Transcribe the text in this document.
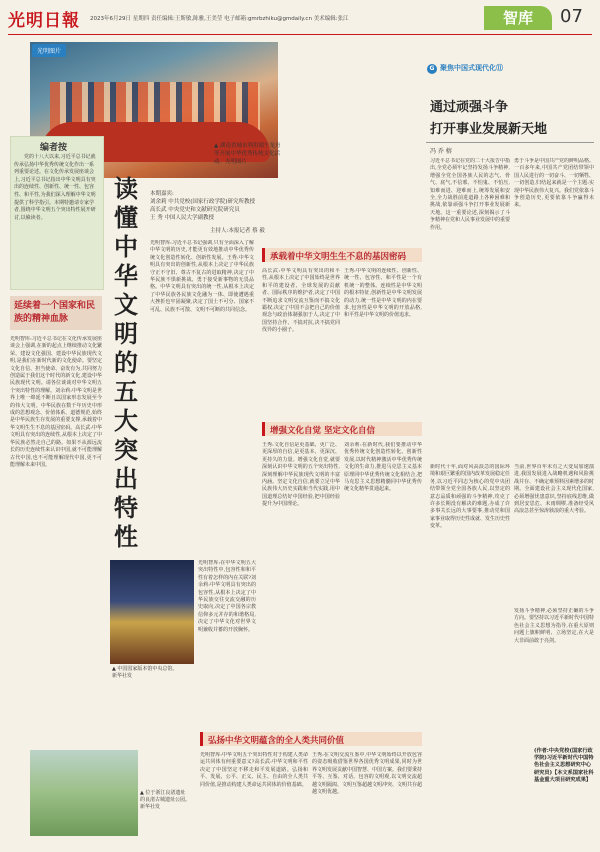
光明日報 2023年6月29日 星期四 责任编辑:王斯敏,陈雅,王美莹 电子邮箱:gmrbzhiku@gmdaily.cn 美术编辑:张江	智库	07
光明图片
▲ 湖南省城市利用端午龙舟等开展中华优秀传统文化活动。光明图片
编者按
党的十八大以来,习近平总书记就传承弘扬中华优秀传统文化作出一系列重要论述。在文化传承发展座谈会上,习近平总书记指出中华文明具有突出的连续性、创新性、统一性、包容性、和平性,为我们深入理解中华文明提供了科学指引。本期特邀请专家学者,围绕中华文明五个突出特性展开研讨,以飨读者。
延续着一个国家和民族的精神血脉
读懂中华文明的五大突出特性
本期嘉宾:
刘余莉 中共党校(国家行政学院)研究所教授
高长武 中央党史和文献研究院研究员
王 秀 中国人民大学副教授
主持人:本报记者 蔡 毅
光明智库:习近平总书记在文化传承发展座谈会上强调,在新的起点上继续推动文化繁荣、建设文化强国、建设中华民族现代文明,是我们在新时代新的文化使命。要坚定文化自信、担当使命、奋发有为,共同努力创造属于我们这个时代的新文化,建设中华民族现代文明。请各位谈谈对中华文明五个突出特性的理解。刘余莉:中华文明是世界上唯一绵延不断且以国家形态发展至今的伟大文明。中华民族在数千年历史中形成的思想观念、价值体系、道德规范,始终是中华民族生存发展的重要支撑,承载着中华文明生生不息的基因密码。高长武:中华文明具有突出的连续性,从根本上决定了中华民族必然走自己的路。如果不从源远流长的历史连续性来认识中国,就不可能理解古代中国,也不可能理解现代中国,更不可能理解未来中国。
光明智库:习近平总书记强调,只有全面深入了解中华文明的历史,才能更有效地推动中华优秀传统文化创造性转化、创新性发展。王秀:中华文明具有突出的创新性,从根本上决定了中华民族守正不守旧、尊古不复古的进取精神,决定了中华民族不惧新挑战、勇于接受新事物的无畏品格。中华文明具有突出的统一性,从根本上决定了中华民族各民族文化融为一体、即使遭遇重大挫折也牢固凝聚,决定了国土不可分、国家不可乱、民族不可散、文明不可断的共同信念。
光明智库:在中华文明五大突出特性中,包容性和和平性有着怎样的内在关联?刘余莉:中华文明具有突出的包容性,从根本上决定了中华民族交往交流交融的历史取向,决定了中国各宗教信仰多元并存的和谐格局,决定了中华文化对世界文明兼收并蓄的开放胸怀。
承载着中华文明生生不息的基因密码
高长武:中华文明具有突出的和平性,从根本上决定了中国始终是世界和平的建设者、全球发展的贡献者、国际秩序的维护者,决定了中国不断追求文明交流互鉴而不搞文化霸权,决定了中国不会把自己的价值观念与政治体制强加于人,决定了中国坚持合作、不搞对抗,决不搞党同伐异的小圈子。
王秀:中华文明的连续性、创新性、统一性、包容性、和平性是一个有机统一的整体。连续性是中华文明的根本特征,创新性是中华文明发展的动力,统一性是中华文明的内在要求,包容性是中华文明的开放品格,和平性是中华文明的价值追求。
增强文化自觉 坚定文化自信
王秀:文化自信是更基础、更广泛、更深厚的自信,是更基本、更深沉、更持久的力量。增强文化自觉,就要深刻认识中华文明的五个突出特性,深刻理解中华民族现代文明的丰富内涵。坚定文化自信,就要立足中华民族伟大历史实践和当代实践,用中国道理总结好中国经验,把中国经验提升为中国理论。
刘余莉:在新时代,我们要推动中华优秀传统文化创造性转化、创新性发展,以时代精神激活中华优秀传统文化的生命力,推进马克思主义基本原理同中华优秀传统文化相结合,把马克思主义思想精髓同中华优秀传统文化精华贯通起来。
▲ 中国国家版本馆中央总馆。新华社发
弘扬中华文明蕴含的全人类共同价值
光明智库:中华文明五个突出特性对于构建人类命运共同体有何重要意义?高长武:中华文明和平性决定了中国坚定不移走和平发展道路。弘扬和平、发展、公平、正义、民主、自由的全人类共同价值,是推动构建人类命运共同体的价值基础。
王秀:在文明交流互鉴中,中华文明始终以开放包容的姿态吸收借鉴世界各国优秀文明成果,同时为世界文明发展贡献中国智慧、中国方案。我们要秉持平等、互鉴、对话、包容的文明观,以文明交流超越文明隔阂、文明互鉴超越文明冲突、文明共存超越文明优越。
▲ 位于浙江良渚遗址的良渚古城遗址公园。新华社发
G 聚焦中国式现代化⑪
通过顽强斗争
打开事业发展新天地
冯 乔 榕
习近平总书记在党的二十大报告中指出,全党必须牢记坚持发扬斗争精神,增强全党全国各族人民的志气、骨气、底气,不信邪、不怕鬼、不怕压,知难而进、迎难而上,统筹发展和安全,全力战胜前进道路上各种困难和挑战,依靠顽强斗争打开事业发展新天地。这一重要论述,深刻揭示了斗争精神在党和人民事业发展中的重要作用。
勇于斗争是中国共产党的鲜明品格。一百多年来,中国共产党团结带领中国人民进行的一切奋斗、一切牺牲、一切创造,归结起来就是一个主题:实现中华民族伟大复兴。我们党依靠斗争创造历史,更要依靠斗争赢得未来。
新时代十年,面对风高浪急的国际环境和艰巨繁重的国内改革发展稳定任务,以习近平同志为核心的党中央团结带领全党全国各族人民,以坚定的意志品质和顽强的斗争精神,攻克了许多长期没有解决的难题,办成了许多事关长远的大事要事,推动党和国家事业取得历史性成就、发生历史性变革。
当前,世界百年未有之大变局加速演进,我国发展进入战略机遇和风险挑战并存、不确定难预料因素增多的时期。全面建设社会主义现代化国家,必须增强忧患意识,坚持底线思维,做到居安思危、未雨绸缪,准备经受风高浪急甚至惊涛骇浪的重大考验。
发扬斗争精神,必须坚持正确的斗争方向。要坚持以习近平新时代中国特色社会主义思想为指导,在重大原则问题上旗帜鲜明、立场坚定,在大是大非面前敢于亮剑。
(作者:中央党校(国家行政学院)习近平新时代中国特色社会主义思想研究中心研究员)【本文系国家社科基金重大项目研究成果】
